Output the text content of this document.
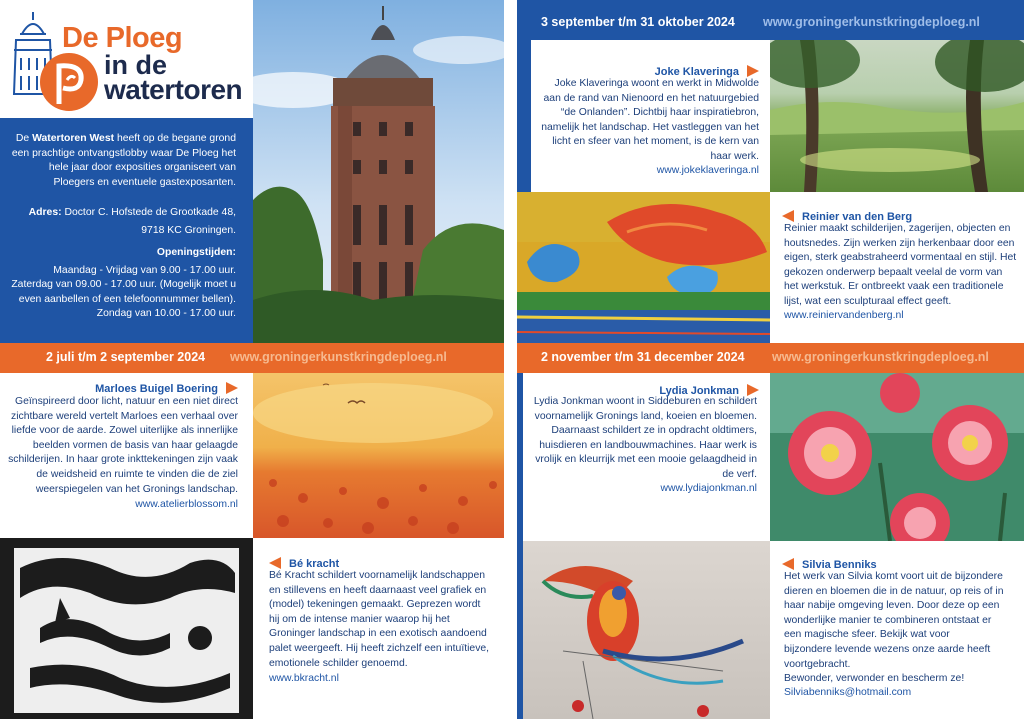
De Ploeg
in de
watertoren
De Watertoren West heeft op de begane grond een prachtige ontvangstlobby waar De Ploeg het hele jaar door exposities organiseert van Ploegers en eventuele gastexposanten.
Adres: Doctor C. Hofstede de Grootkade 48,
9718 KC Groningen.
Openingstijden:
Maandag - Vrijdag van 9.00 - 17.00 uur.
Zaterdag van 09.00 - 17.00 uur. (Mogelijk moet u
even aanbellen of een telefoonnummer bellen).
Zondag van 10.00 - 17.00 uur.
2 juli t/m 2 september 2024 www.groningerkunstkringdeploeg.nl
Marloes Buigel Boering
Geïnspireerd door licht, natuur en een niet direct
zichtbare wereld vertelt Marloes een verhaal over
liefde voor de aarde. Zowel uiterlijke als innerlijke
beelden vormen de basis van haar gelaagde
schilderijen. In haar grote inkttekeningen zijn vaak
de weidsheid en ruimte te vinden die de ziel
weerspiegelen van het Gronings landschap.
www.atelierblossom.nl
Bé kracht
Bé Kracht schildert voornamelijk landschappen
en stillevens en heeft daarnaast veel grafiek en
(model) tekeningen gemaakt. Geprezen wordt
hij om de intense manier waarop hij het
Groninger landschap in een exotisch aandoend
palet weergeeft. Hij heeft zichzelf een intuïtieve,
emotionele schilder genoemd.
www.bkracht.nl
3 september t/m 31 oktober 2024 www.groningerkunstkringdeploeg.nl
Joke Klaveringa
Joke Klaveringa woont en werkt in Midwolde
aan de rand van Nienoord en het natuurgebied
“de Onlanden”. Dichtbij haar inspiratiebron,
namelijk het landschap. Het vastleggen van het
licht en sfeer van het moment, is de kern van
haar werk.
www.jokeklaveringa.nl
Reinier van den Berg
Reinier maakt schilderijen, zagerijen, objecten en
houtsnedes. Zijn werken zijn herkenbaar door een
eigen, sterk geabstraheerd vormentaal en stijl. Het
gekozen onderwerp bepaalt veelal de vorm van
het werkstuk. Er ontbreekt vaak een traditionele
lijst, wat een sculpturaal effect geeft.
www.reiniervandenberg.nl
2 november t/m 31 december 2024 www.groningerkunstkringdeploeg.nl
Lydia Jonkman
Lydia Jonkman woont in Siddeburen en schildert
voornamelijk Gronings land, koeien en bloemen.
Daarnaast schildert ze in opdracht oldtimers,
huisdieren en landbouwmachines. Haar werk is
vrolijk en kleurrijk met een mooie gelaagdheid in
de verf.
www.lydiajonkman.nl
Silvia Benniks
Het werk van Silvia komt voort uit de bijzondere
dieren en bloemen die in de natuur, op reis of in
haar nabije omgeving leven. Door deze op een
wonderlijke manier te combineren ontstaat er
een magische sfeer. Bekijk wat voor
bijzondere levende wezens onze aarde heeft
voortgebracht.
Bewonder, verwonder en bescherm ze!
Silviabenniks@hotmail.com
